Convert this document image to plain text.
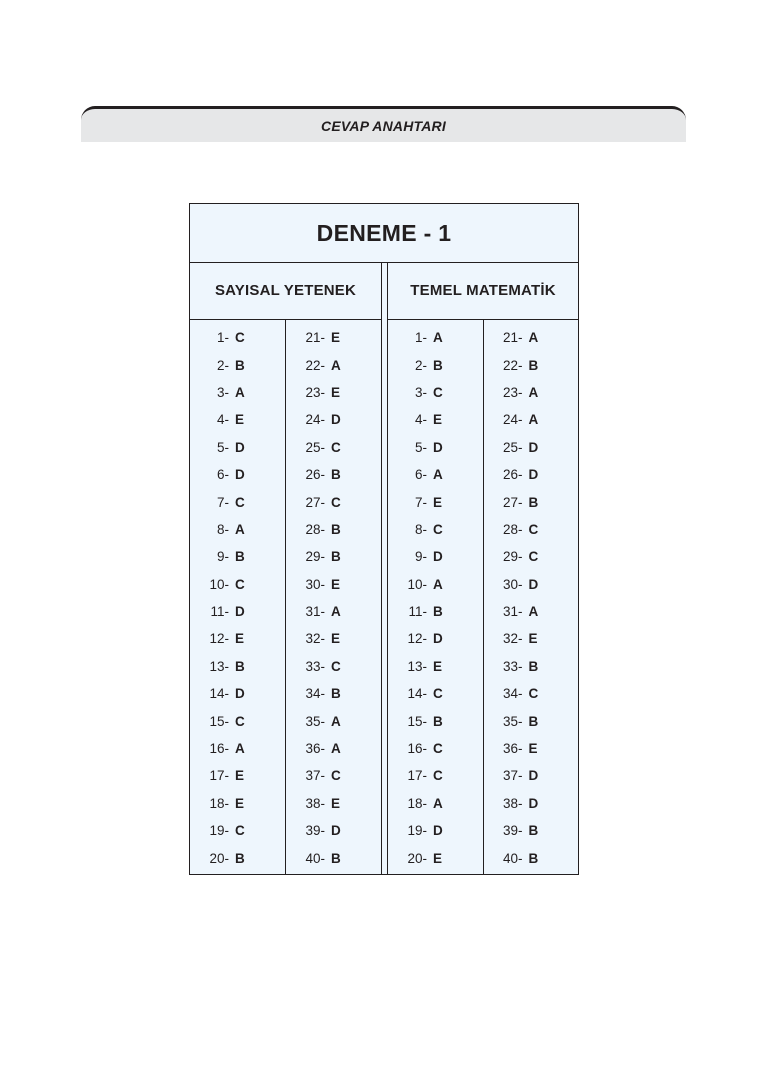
CEVAP ANAHTARI
DENEME - 1
SAYISAL YETENEK
1- C
2- B
3- A
4- E
5- D
6- D
7- C
8- A
9- B
10- C
11- D
12- E
13- B
14- D
15- C
16- A
17- E
18- E
19- C
20- B
21- E
22- A
23- E
24- D
25- C
26- B
27- C
28- B
29- B
30- E
31- A
32- E
33- C
34- B
35- A
36- A
37- C
38- E
39- D
40- B
TEMEL MATEMATİK
1- A
2- B
3- C
4- E
5- D
6- A
7- E
8- C
9- D
10- A
11- B
12- D
13- E
14- C
15- B
16- C
17- C
18- A
19- D
20- E
21- A
22- B
23- A
24- A
25- D
26- D
27- B
28- C
29- C
30- D
31- A
32- E
33- B
34- C
35- B
36- E
37- D
38- D
39- B
40- B
